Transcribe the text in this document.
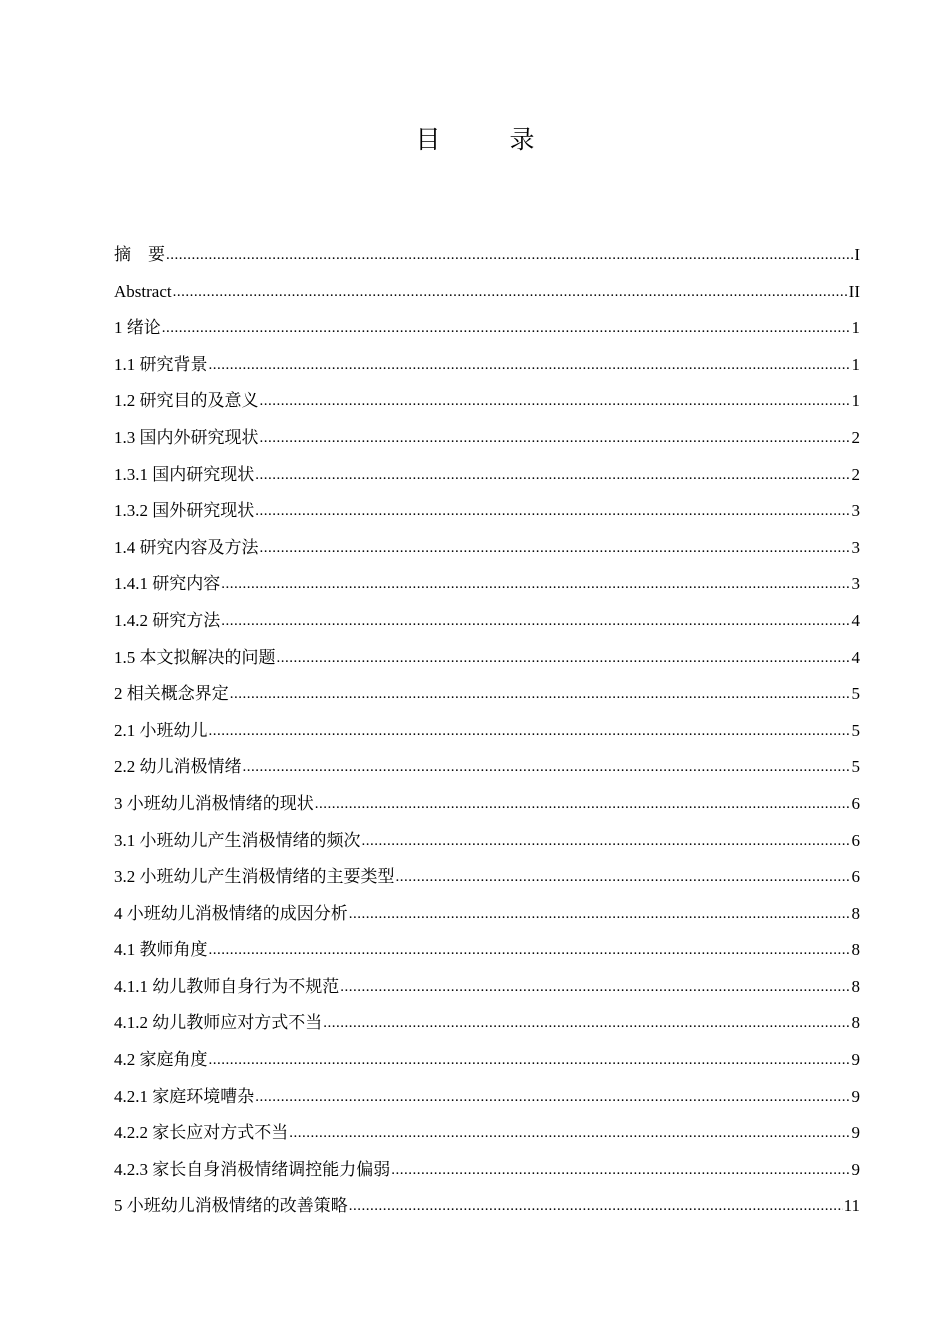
目　录
摘　要 .....	I
Abstract .....	II
1 绪论 .....	1
1.1 研究背景 .....	1
1.2 研究目的及意义 .....	1
1.3 国内外研究现状 .....	2
1.3.1 国内研究现状 .....	2
1.3.2 国外研究现状 .....	3
1.4 研究内容及方法 .....	3
1.4.1 研究内容 .....	3
1.4.2 研究方法 .....	4
1.5 本文拟解决的问题 .....	4
2 相关概念界定 .....	5
2.1 小班幼儿 .....	5
2.2 幼儿消极情绪 .....	5
3 小班幼儿消极情绪的现状 .....	6
3.1 小班幼儿产生消极情绪的频次 .....	6
3.2 小班幼儿产生消极情绪的主要类型 .....	6
4 小班幼儿消极情绪的成因分析 .....	8
4.1 教师角度 .....	8
4.1.1 幼儿教师自身行为不规范 .....	8
4.1.2 幼儿教师应对方式不当 .....	8
4.2 家庭角度 .....	9
4.2.1 家庭环境嘈杂 .....	9
4.2.2 家长应对方式不当 .....	9
4.2.3 家长自身消极情绪调控能力偏弱 .....	9
5 小班幼儿消极情绪的改善策略 .....	11
